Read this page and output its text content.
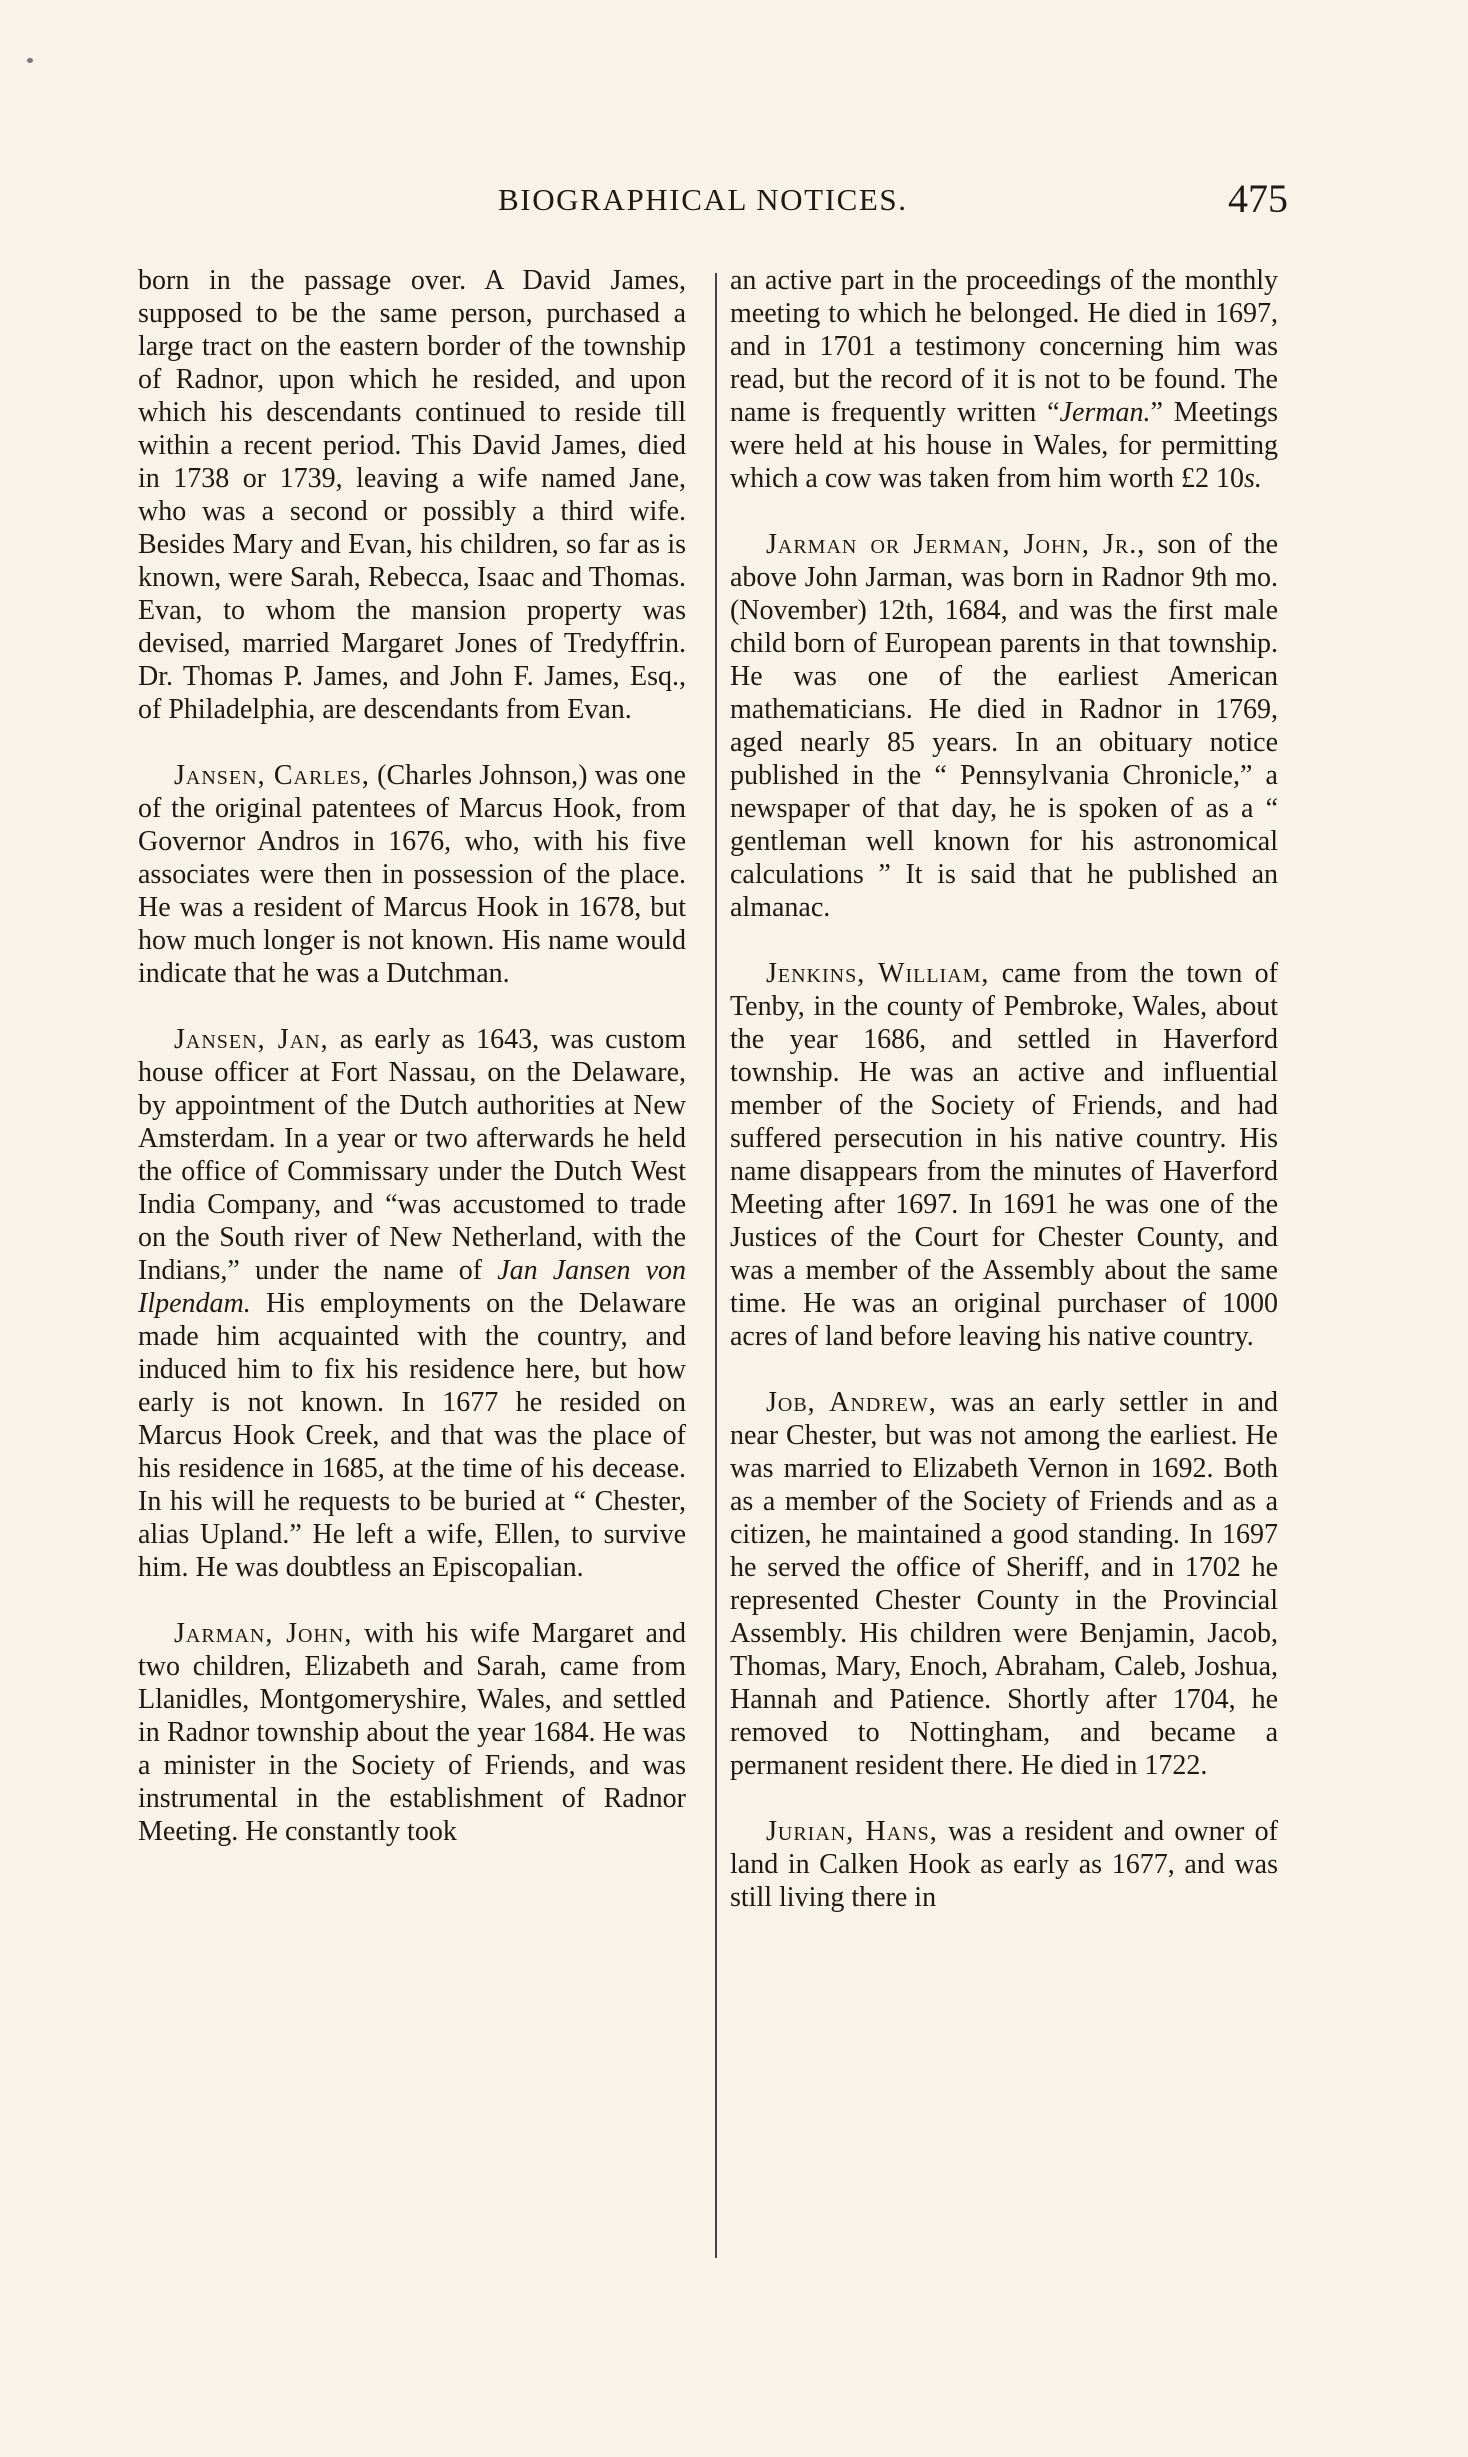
BIOGRAPHICAL NOTICES.	475

born in the passage over. A David James, supposed to be the same person, purchased a large tract on the eastern border of the township of Radnor, upon which he resided, and upon which his descendants continued to reside till within a recent period. This David James, died in 1738 or 1739, leaving a wife named Jane, who was a second or possibly a third wife. Besides Mary and Evan, his children, so far as is known, were Sarah, Rebecca, Isaac and Thomas. Evan, to whom the mansion property was devised, married Margaret Jones of Tredyffrin. Dr. Thomas P. James, and John F. James, Esq., of Philadelphia, are descendants from Evan.

Jansen, Carles, (Charles Johnson,) was one of the original patentees of Marcus Hook, from Governor Andros in 1676, who, with his five associates were then in possession of the place. He was a resident of Marcus Hook in 1678, but how much longer is not known. His name would indicate that he was a Dutchman.

Jansen, Jan, as early as 1643, was custom house officer at Fort Nassau, on the Delaware, by appointment of the Dutch authorities at New Amsterdam. In a year or two afterwards he held the office of Commissary under the Dutch West India Company, and “was accustomed to trade on the South river of New Netherland, with the Indians,” under the name of Jan Jansen von Ilpendam. His employments on the Delaware made him acquainted with the country, and induced him to fix his residence here, but how early is not known. In 1677 he resided on Marcus Hook Creek, and that was the place of his residence in 1685, at the time of his decease. In his will he requests to be buried at “ Chester, alias Upland.” He left a wife, Ellen, to survive him. He was doubtless an Episcopalian.

Jarman, John, with his wife Margaret and two children, Elizabeth and Sarah, came from Llanidles, Montgomeryshire, Wales, and settled in Radnor township about the year 1684. He was a minister in the Society of Friends, and was instrumental in the establishment of Radnor Meeting. He constantly took

an active part in the proceedings of the monthly meeting to which he belonged. He died in 1697, and in 1701 a testimony concerning him was read, but the record of it is not to be found. The name is frequently written “Jerman.” Meetings were held at his house in Wales, for permitting which a cow was taken from him worth £2 10s.

Jarman or Jerman, John, Jr., son of the above John Jarman, was born in Radnor 9th mo. (November) 12th, 1684, and was the first male child born of European parents in that township. He was one of the earliest American mathematicians. He died in Radnor in 1769, aged nearly 85 years. In an obituary notice published in the “ Pennsylvania Chronicle,” a newspaper of that day, he is spoken of as a “ gentleman well known for his astronomical calculations ” It is said that he published an almanac.

Jenkins, William, came from the town of Tenby, in the county of Pembroke, Wales, about the year 1686, and settled in Haverford township. He was an active and influential member of the Society of Friends, and had suffered persecution in his native country. His name disappears from the minutes of Haverford Meeting after 1697. In 1691 he was one of the Justices of the Court for Chester County, and was a member of the Assembly about the same time. He was an original purchaser of 1000 acres of land before leaving his native country.

Job, Andrew, was an early settler in and near Chester, but was not among the earliest. He was married to Elizabeth Vernon in 1692. Both as a member of the Society of Friends and as a citizen, he maintained a good standing. In 1697 he served the office of Sheriff, and in 1702 he represented Chester County in the Provincial Assembly. His children were Benjamin, Jacob, Thomas, Mary, Enoch, Abraham, Caleb, Joshua, Hannah and Patience. Shortly after 1704, he removed to Nottingham, and became a permanent resident there. He died in 1722.

Jurian, Hans, was a resident and owner of land in Calken Hook as early as 1677, and was still living there in
